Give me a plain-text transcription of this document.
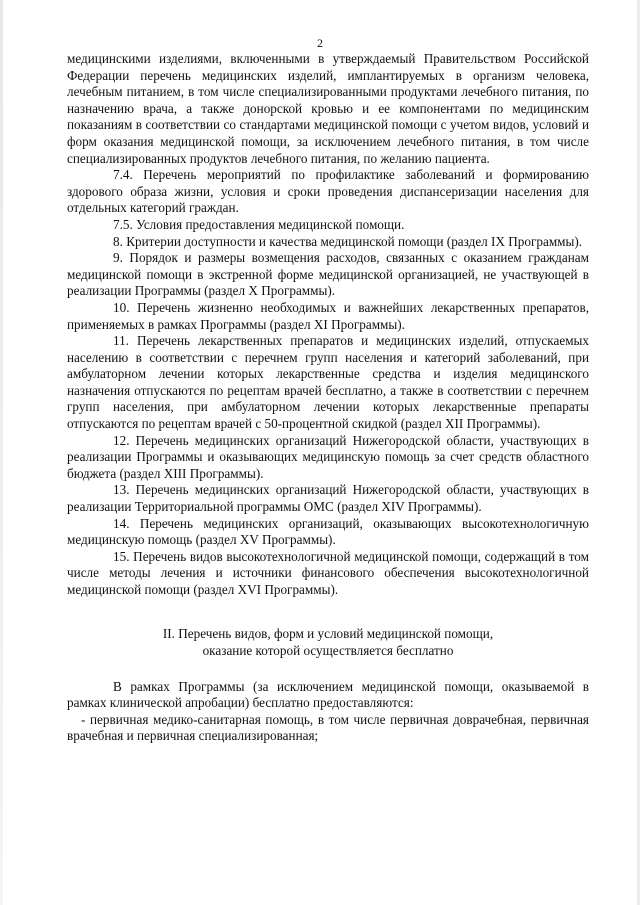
2

медицинскими изделиями, включенными в утверждаемый Правительством Российской Федерации перечень медицинских изделий, имплантируемых в организм человека, лечебным питанием, в том числе специализированными продуктами лечебного питания, по назначению врача, а также донорской кровью и ее компонентами по медицинским показаниям в соответствии со стандартами медицинской помощи с учетом видов, условий и форм оказания медицинской помощи, за исключением лечебного питания, в том числе специализированных продуктов лечебного питания, по желанию пациента.

7.4. Перечень мероприятий по профилактике заболеваний и формированию здорового образа жизни, условия и сроки проведения диспансеризации населения для отдельных категорий граждан.

7.5. Условия предоставления медицинской помощи.

8. Критерии доступности и качества медицинской помощи (раздел IX Программы).

9. Порядок и размеры возмещения расходов, связанных с оказанием гражданам медицинской помощи в экстренной форме медицинской организацией, не участвующей в реализации Программы (раздел X Программы).

10. Перечень жизненно необходимых и важнейших лекарственных препаратов, применяемых в рамках Программы (раздел XI Программы).

11. Перечень лекарственных препаратов и медицинских изделий, отпускаемых населению в соответствии с перечнем групп населения и категорий заболеваний, при амбулаторном лечении которых лекарственные средства и изделия медицинского назначения отпускаются по рецептам врачей бесплатно, а также в соответствии с перечнем групп населения, при амбулаторном лечении которых лекарственные препараты отпускаются по рецептам врачей с 50-процентной скидкой (раздел XII Программы).

12. Перечень медицинских организаций Нижегородской области, участвующих в реализации Программы и оказывающих медицинскую помощь за счет средств областного бюджета (раздел XIII Программы).

13. Перечень медицинских организаций Нижегородской области, участвующих в реализации Территориальной программы ОМС (раздел XIV Программы).

14. Перечень медицинских организаций, оказывающих высокотехнологичную медицинскую помощь (раздел XV Программы).

15. Перечень видов высокотехнологичной медицинской помощи, содержащий в том числе методы лечения и источники финансового обеспечения высокотехнологичной медицинской помощи (раздел XVI Программы).

II. Перечень видов, форм и условий медицинской помощи,
оказание которой осуществляется бесплатно

В рамках Программы (за исключением медицинской помощи, оказываемой в рамках клинической апробации) бесплатно предоставляются:

- первичная медико-санитарная помощь, в том числе первичная доврачебная, первичная врачебная и первичная специализированная;
